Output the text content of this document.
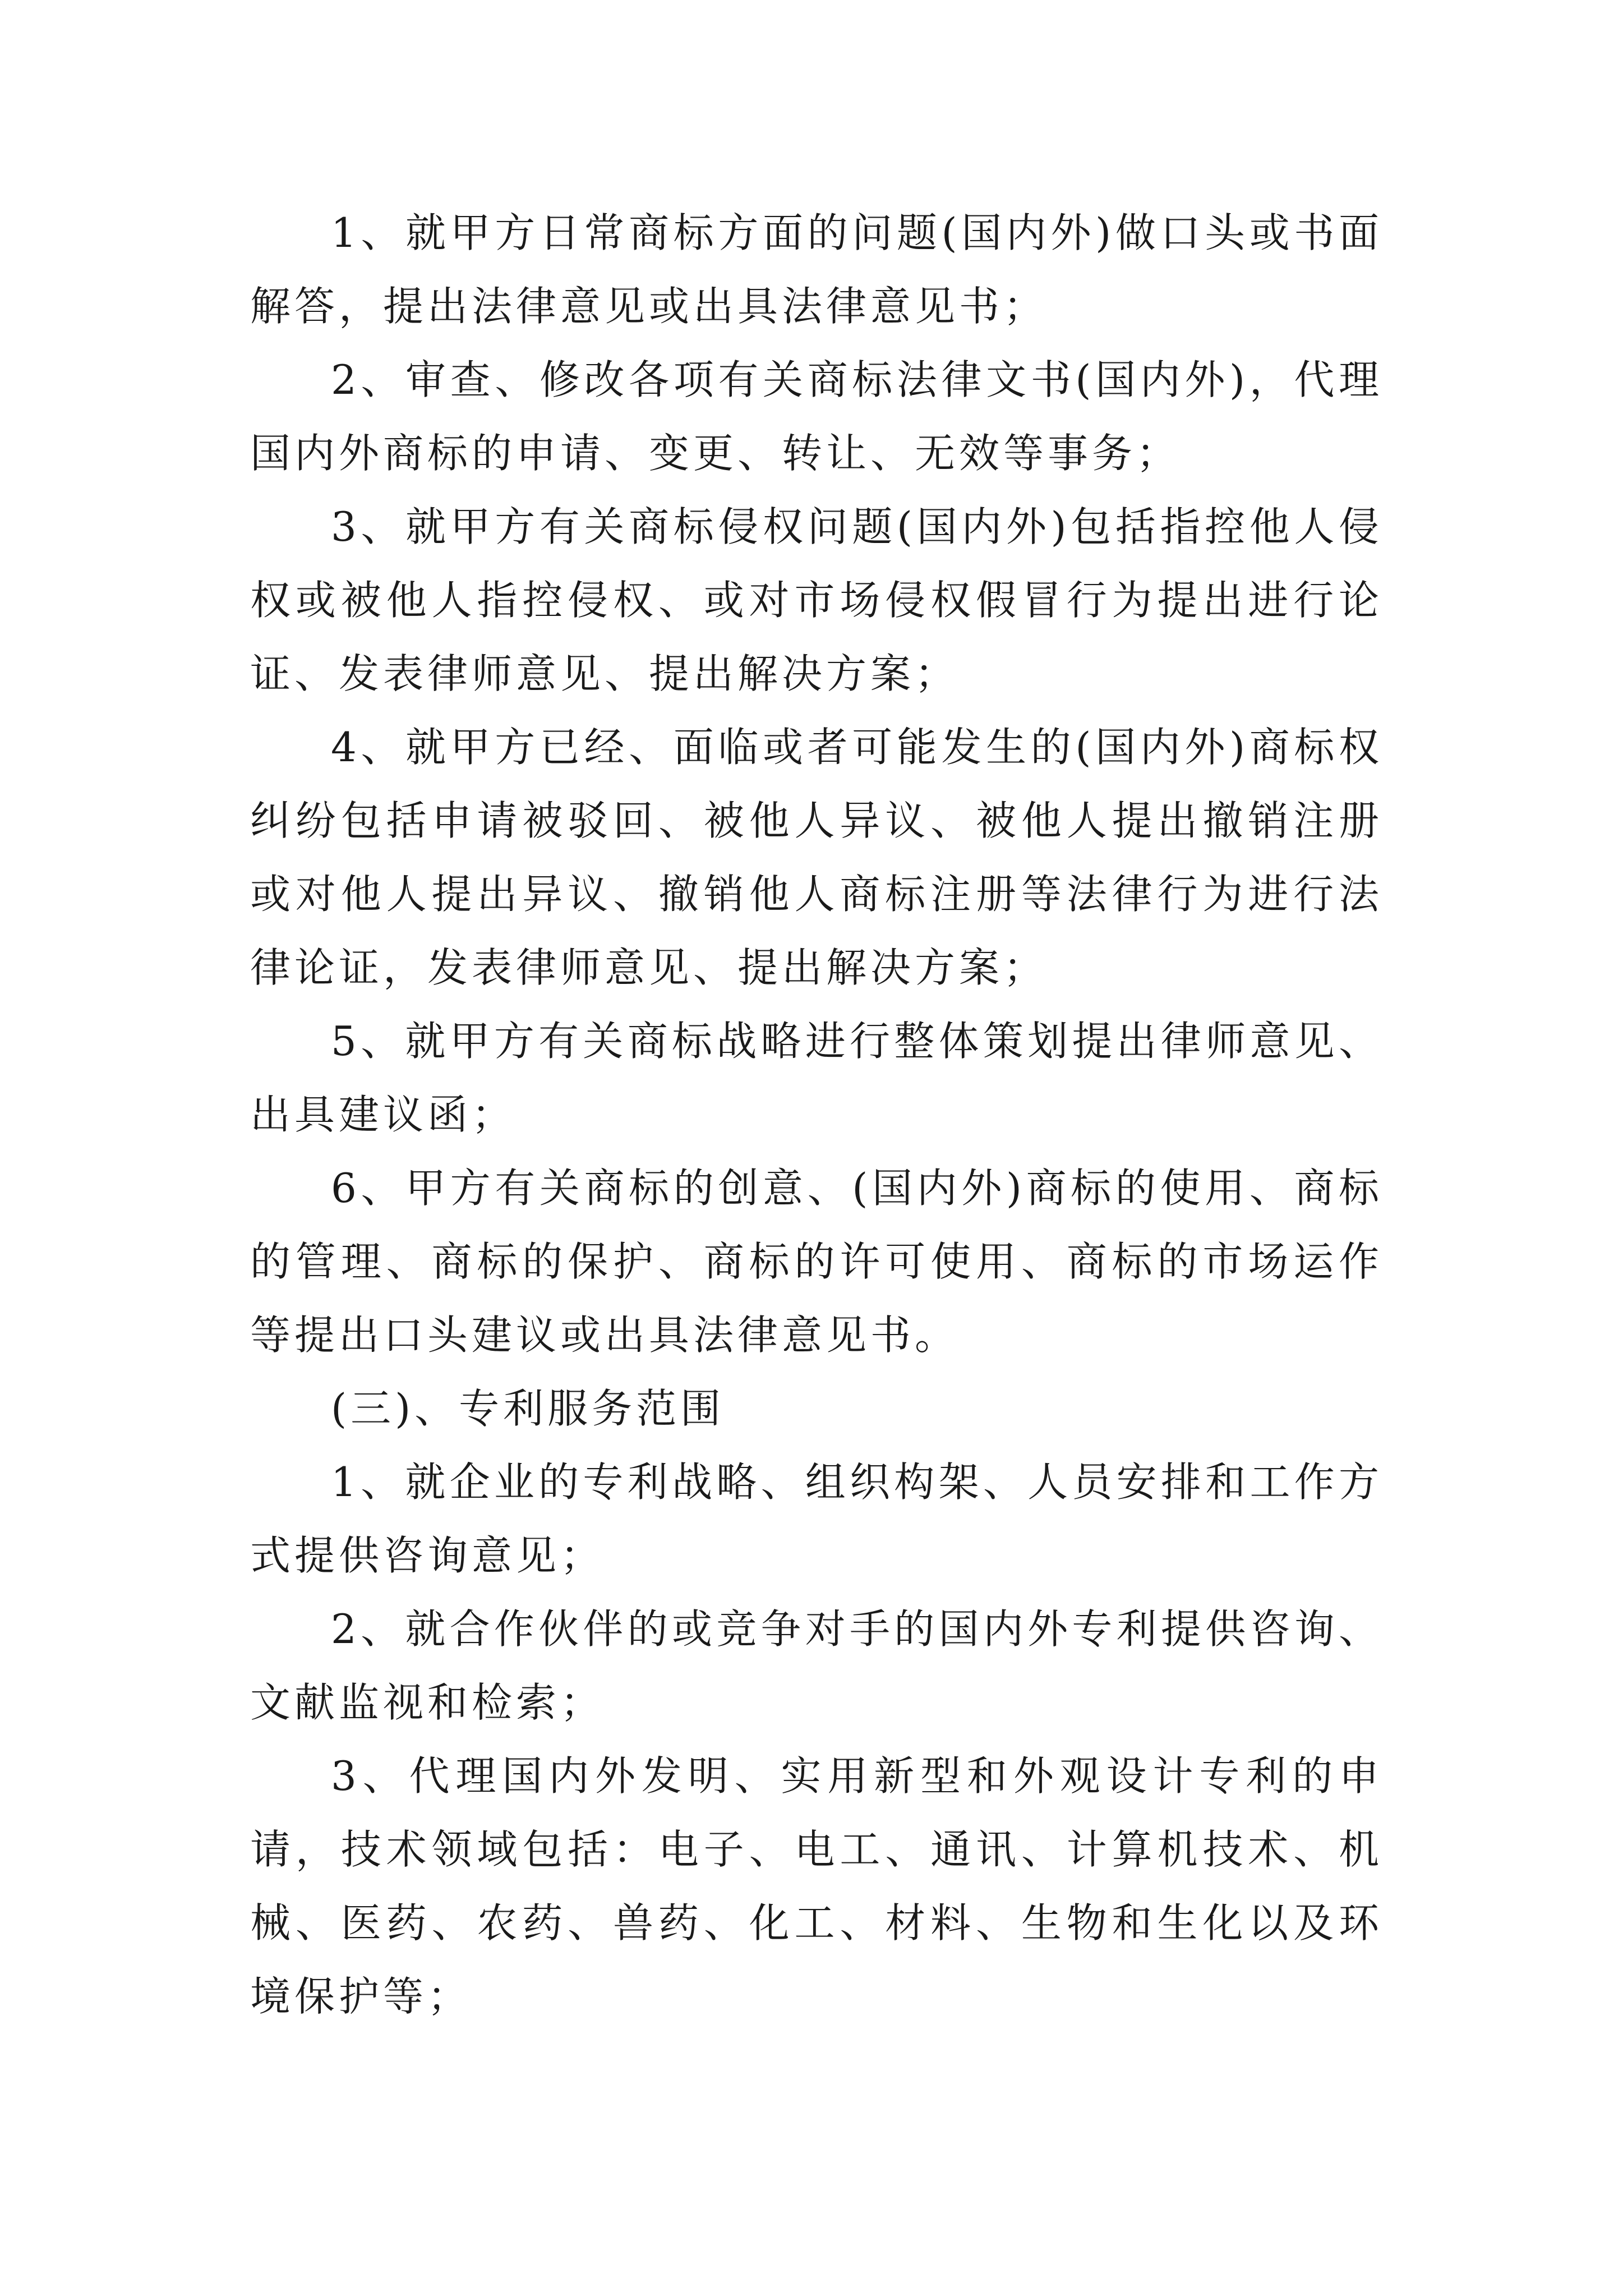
1、就甲方日常商标方面的问题(国内外)做口头或书面解答，提出法律意见或出具法律意见书；

2、审查、修改各项有关商标法律文书(国内外)，代理国内外商标的申请、变更、转让、无效等事务；

3、就甲方有关商标侵权问题(国内外)包括指控他人侵权或被他人指控侵权、或对市场侵权假冒行为提出进行论证、发表律师意见、提出解决方案；

4、就甲方已经、面临或者可能发生的(国内外)商标权纠纷包括申请被驳回、被他人异议、被他人提出撤销注册或对他人提出异议、撤销他人商标注册等法律行为进行法律论证，发表律师意见、提出解决方案；

5、就甲方有关商标战略进行整体策划提出律师意见、出具建议函；

6、甲方有关商标的创意、(国内外)商标的使用、商标的管理、商标的保护、商标的许可使用、商标的市场运作等提出口头建议或出具法律意见书。

(三)、专利服务范围

1、就企业的专利战略、组织构架、人员安排和工作方式提供咨询意见；

2、就合作伙伴的或竞争对手的国内外专利提供咨询、文献监视和检索；

3、代理国内外发明、实用新型和外观设计专利的申请，技术领域包括：电子、电工、通讯、计算机技术、机械、医药、农药、兽药、化工、材料、生物和生化以及环境保护等；
